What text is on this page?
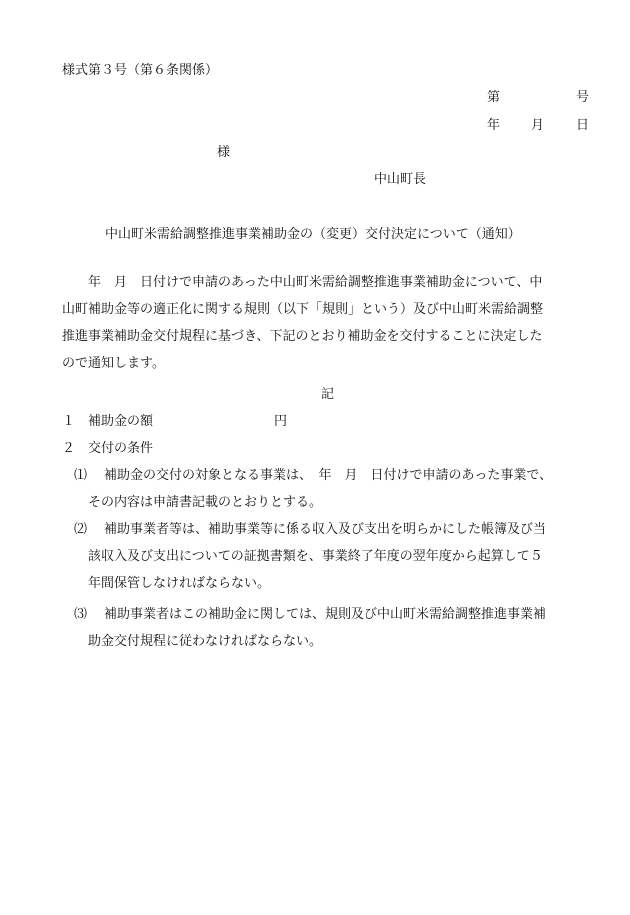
様式第３号（第６条関係）
第	号
年 月 日
様
中山町長
中山町米需給調整推進事業補助金の（変更）交付決定について（通知）
年　月　日付けで申請のあった中山町米需給調整推進事業補助金について、中
山町補助金等の適正化に関する規則（以下「規則」という）及び中山町米需給調整
推進事業補助金交付規程に基づき、下記のとおり補助金を交付することに決定した
ので通知します。
記
１ 補助金の額	円
２ 交付の条件
⑴ 補助金の交付の対象となる事業は、　年　月　日付けで申請のあった事業で、
その内容は申請書記載のとおりとする。
⑵ 補助事業者等は、補助事業等に係る収入及び支出を明らかにした帳簿及び当
該収入及び支出についての証拠書類を、事業終了年度の翌年度から起算して５
年間保管しなければならない。
⑶ 補助事業者はこの補助金に関しては、規則及び中山町米需給調整推進事業補
助金交付規程に従わなければならない。
